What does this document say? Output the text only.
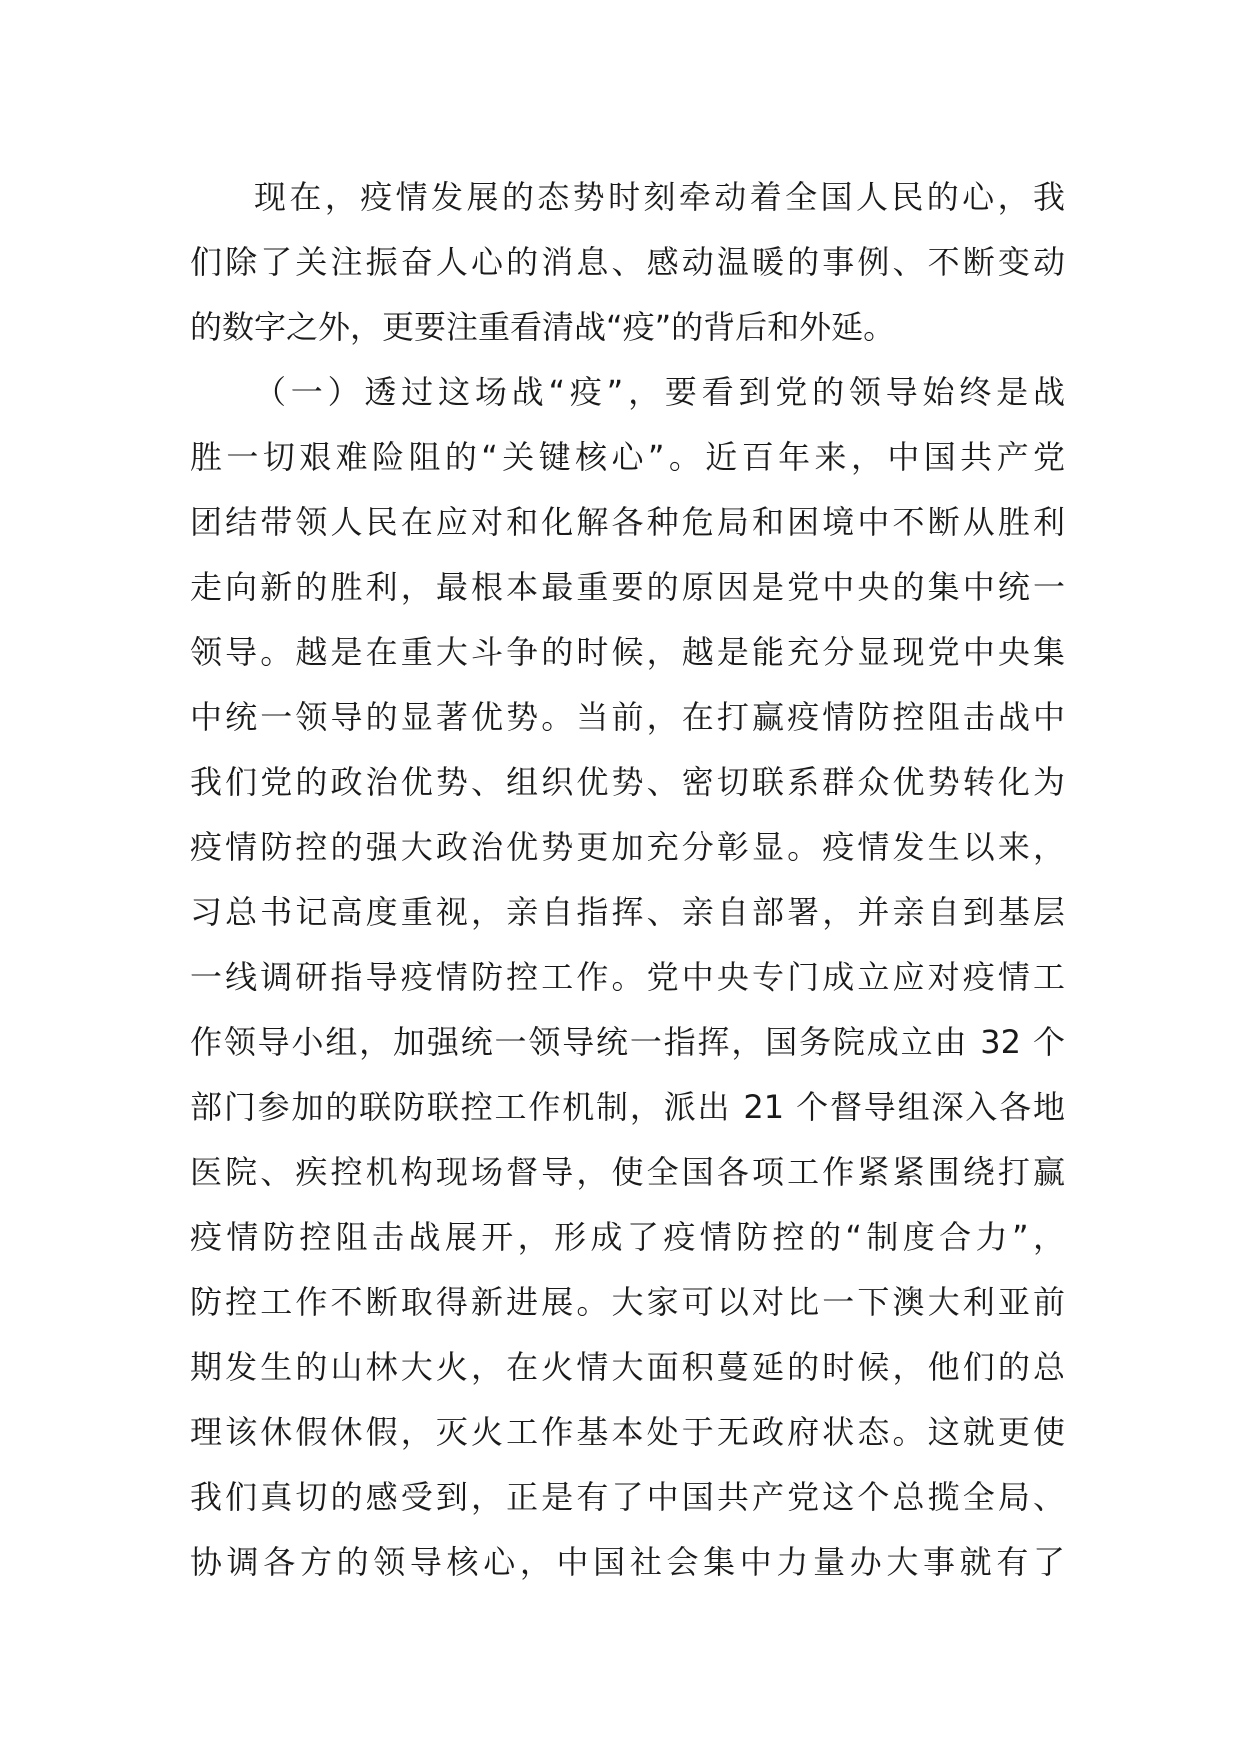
现在，疫情发展的态势时刻牵动着全国人民的心，我
们除了关注振奋人心的消息、感动温暖的事例、不断变动
的数字之外，更要注重看清战“疫”的背后和外延。
（一）透过这场战“疫”，要看到党的领导始终是战
胜一切艰难险阻的“关键核心”。近百年来，中国共产党
团结带领人民在应对和化解各种危局和困境中不断从胜利
走向新的胜利，最根本最重要的原因是党中央的集中统一
领导。越是在重大斗争的时候，越是能充分显现党中央集
中统一领导的显著优势。当前，在打赢疫情防控阻击战中
我们党的政治优势、组织优势、密切联系群众优势转化为
疫情防控的强大政治优势更加充分彰显。疫情发生以来，
习总书记高度重视，亲自指挥、亲自部署，并亲自到基层
一线调研指导疫情防控工作。党中央专门成立应对疫情工
作领导小组，加强统一领导统一指挥，国务院成立由 32 个
部门参加的联防联控工作机制，派出 21 个督导组深入各地
医院、疾控机构现场督导，使全国各项工作紧紧围绕打赢
疫情防控阻击战展开，形成了疫情防控的“制度合力”，
防控工作不断取得新进展。大家可以对比一下澳大利亚前
期发生的山林大火，在火情大面积蔓延的时候，他们的总
理该休假休假，灭火工作基本处于无政府状态。这就更使
我们真切的感受到，正是有了中国共产党这个总揽全局、
协调各方的领导核心，中国社会集中力量办大事就有了
